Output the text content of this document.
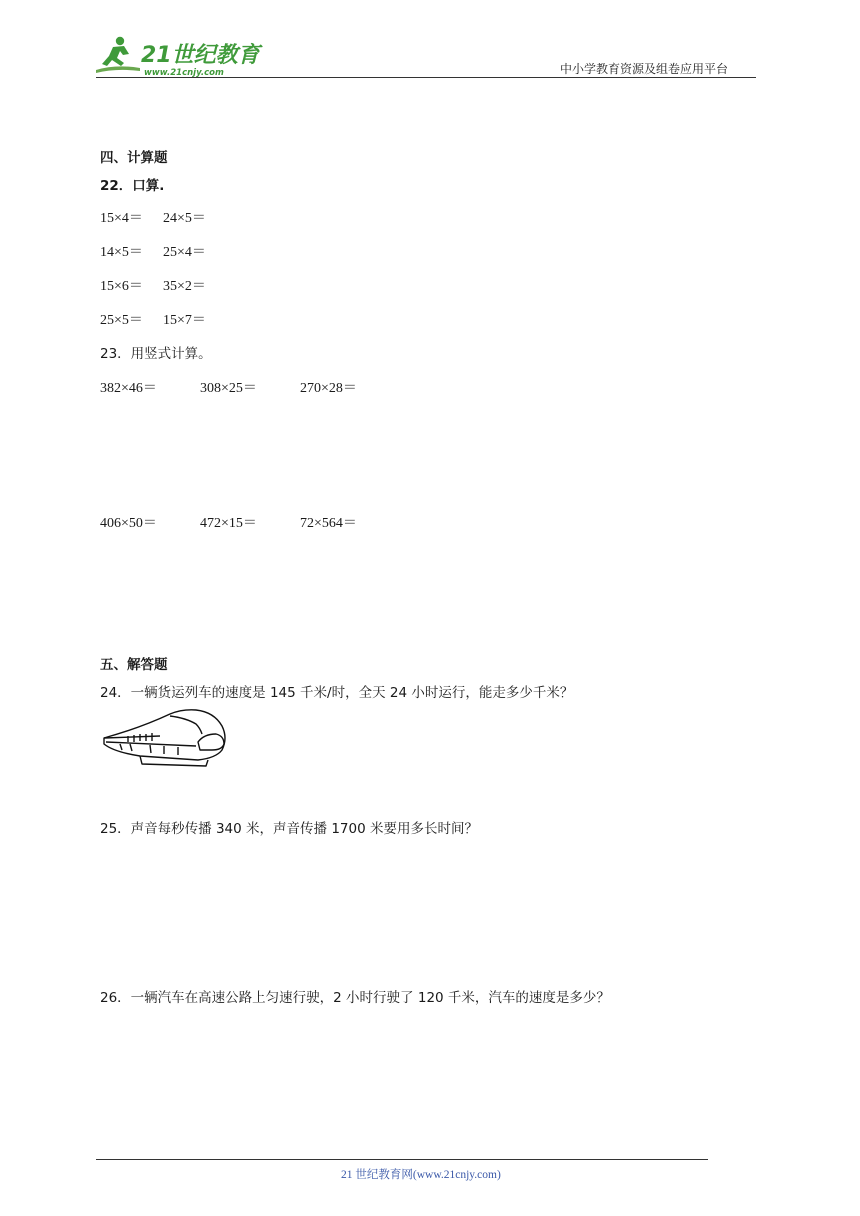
21世纪教育
www.21cnjy.com	中小学教育资源及组卷应用平台
四、计算题
22．口算.
15×4＝ 24×5＝
14×5＝ 25×4＝
15×6＝ 35×2＝
25×5＝ 15×7＝
23．用竖式计算。
382×46＝	308×25＝	270×28＝
406×50＝	472×15＝	72×564＝
五、解答题
24．一辆货运列车的速度是 145 千米/时，全天 24 小时运行，能走多少千米？
25．声音每秒传播 340 米，声音传播 1700 米要用多长时间？
26．一辆汽车在高速公路上匀速行驶，2 小时行驶了 120 千米，汽车的速度是多少？
21 世纪教育网(www.21cnjy.com)
